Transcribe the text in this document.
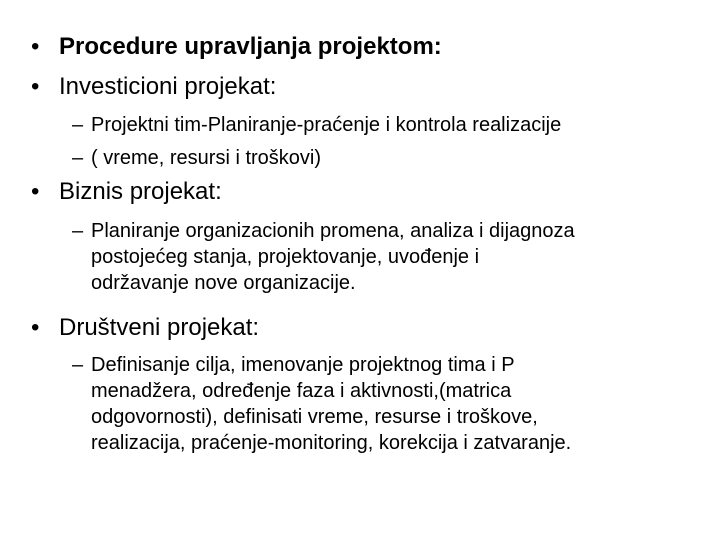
• Procedure upravljanja projektom:
• Investicioni projekat:
– Projektni tim-Planiranje-praćenje i kontrola realizacije
– ( vreme, resursi i troškovi)
• Biznis projekat:
– Planiranje organizacionih promena, analiza i dijagnoza
postojećeg stanja, projektovanje, uvođenje i
održavanje nove organizacije.
• Društveni projekat:
– Definisanje cilja, imenovanje projektnog tima i P
menadžera, određenje faza i aktivnosti,(matrica
odgovornosti), definisati vreme, resurse i troškove,
realizacija, praćenje-monitoring, korekcija i zatvaranje.
